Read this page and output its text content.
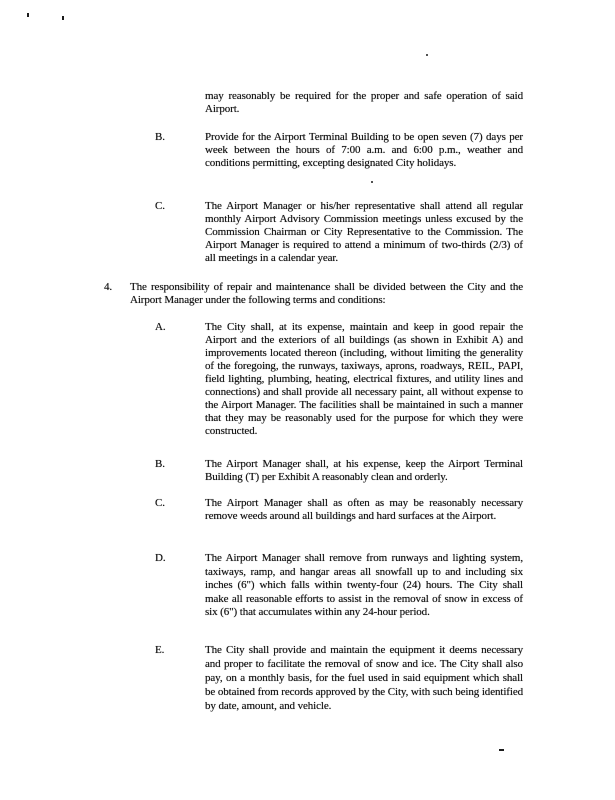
may reasonably be required for the proper and safe operation of said Airport.
B.	Provide for the Airport Terminal Building to be open seven (7) days per week between the hours of 7:00 a.m. and 6:00 p.m., weather and conditions permitting, excepting designated City holidays.
C.	The Airport Manager or his/her representative shall attend all regular monthly Airport Advisory Commission meetings unless excused by the Commission Chairman or City Representative to the Commission. The Airport Manager is required to attend a minimum of two-thirds (2/3) of all meetings in a calendar year.
4. The responsibility of repair and maintenance shall be divided between the City and the Airport Manager under the following terms and conditions:
A.	The City shall, at its expense, maintain and keep in good repair the Airport and the exteriors of all buildings (as shown in Exhibit A) and improvements located thereon (including, without limiting the generality of the foregoing, the runways, taxiways, aprons, roadways, REIL, PAPI, field lighting, plumbing, heating, electrical fixtures, and utility lines and connections) and shall provide all necessary paint, all without expense to the Airport Manager. The facilities shall be maintained in such a manner that they may be reasonably used for the purpose for which they were constructed.
B.	The Airport Manager shall, at his expense, keep the Airport Terminal Building (T) per Exhibit A reasonably clean and orderly.
C.	The Airport Manager shall as often as may be reasonably necessary remove weeds around all buildings and hard surfaces at the Airport.
D.	The Airport Manager shall remove from runways and lighting system, taxiways, ramp, and hangar areas all snowfall up to and including six inches (6") which falls within twenty-four (24) hours. The City shall make all reasonable efforts to assist in the removal of snow in excess of six (6") that accumulates within any 24-hour period.
E.	The City shall provide and maintain the equipment it deems necessary and proper to facilitate the removal of snow and ice. The City shall also pay, on a monthly basis, for the fuel used in said equipment which shall be obtained from records approved by the City, with such being identified by date, amount, and vehicle.
